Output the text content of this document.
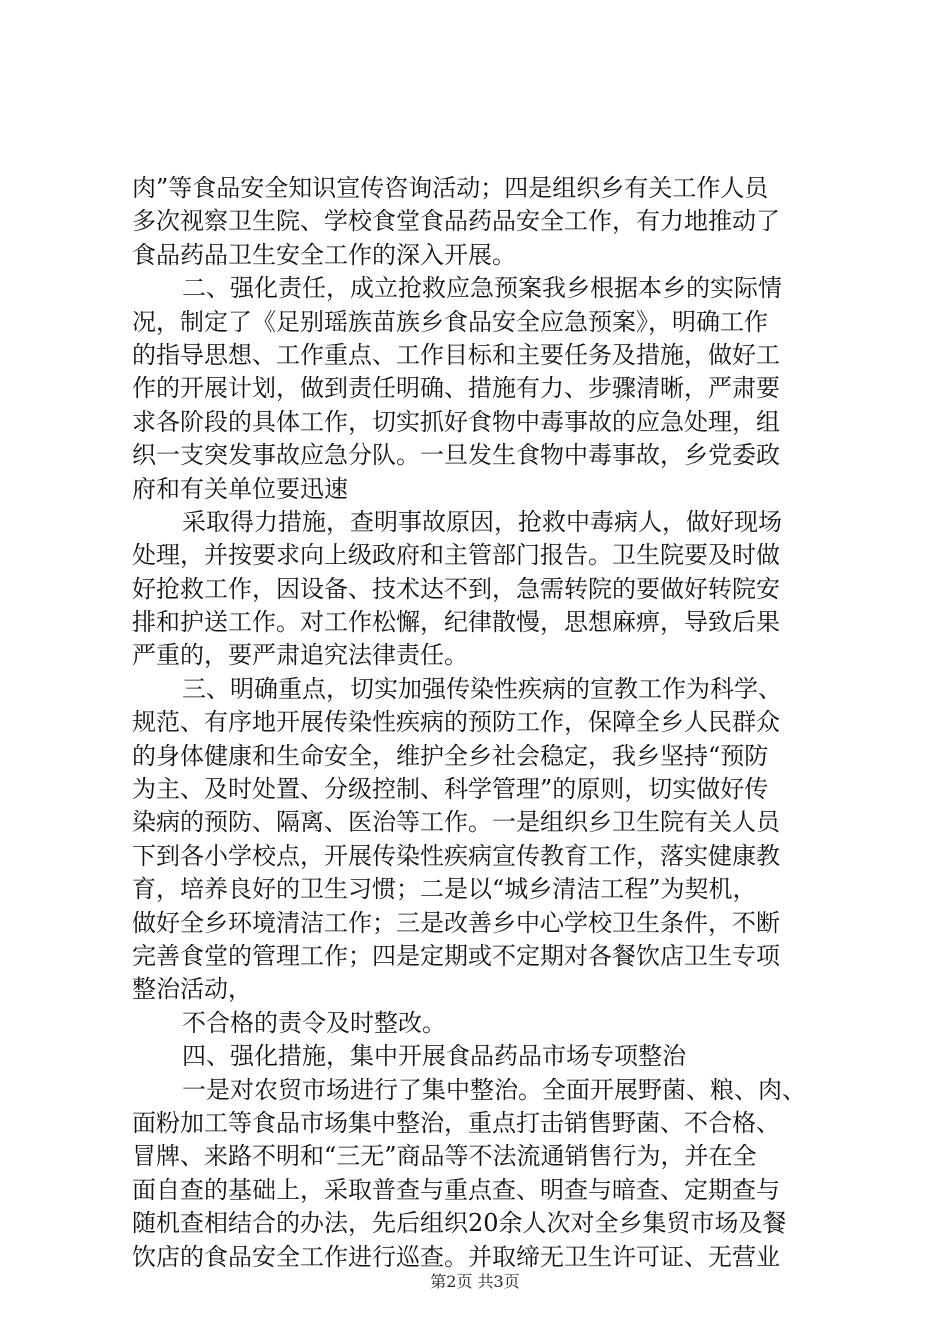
肉”等食品安全知识宣传咨询活动；四是组织乡有关工作人员
多次视察卫生院、学校食堂食品药品安全工作，有力地推动了
食品药品卫生安全工作的深入开展。
二、强化责任，成立抢救应急预案我乡根据本乡的实际情
况，制定了《足别瑶族苗族乡食品安全应急预案》，明确工作
的指导思想、工作重点、工作目标和主要任务及措施，做好工
作的开展计划，做到责任明确、措施有力、步骤清晰，严肃要
求各阶段的具体工作，切实抓好食物中毒事故的应急处理，组
织一支突发事故应急分队。一旦发生食物中毒事故，乡党委政
府和有关单位要迅速
采取得力措施，查明事故原因，抢救中毒病人，做好现场
处理，并按要求向上级政府和主管部门报告。卫生院要及时做
好抢救工作，因设备、技术达不到，急需转院的要做好转院安
排和护送工作。对工作松懈，纪律散慢，思想麻痹，导致后果
严重的，要严肃追究法律责任。
三、明确重点，切实加强传染性疾病的宣教工作为科学、
规范、有序地开展传染性疾病的预防工作，保障全乡人民群众
的身体健康和生命安全，维护全乡社会稳定，我乡坚持“预防
为主、及时处置、分级控制、科学管理”的原则，切实做好传
染病的预防、隔离、医治等工作。一是组织乡卫生院有关人员
下到各小学校点，开展传染性疾病宣传教育工作，落实健康教
育，培养良好的卫生习惯；二是以“城乡清洁工程”为契机，
做好全乡环境清洁工作；三是改善乡中心学校卫生条件，不断
完善食堂的管理工作；四是定期或不定期对各餐饮店卫生专项
整治活动，
不合格的责令及时整改。
四、强化措施，集中开展食品药品市场专项整治
一是对农贸市场进行了集中整治。全面开展野菌、粮、肉、
面粉加工等食品市场集中整治，重点打击销售野菌、不合格、
冒牌、来路不明和“三无”商品等不法流通销售行为，并在全
面自查的基础上，采取普查与重点查、明查与暗查、定期查与
随机查相结合的办法，先后组织20余人次对全乡集贸市场及餐
饮店的食品安全工作进行巡查。并取缔无卫生许可证、无营业
第2页 共3页
